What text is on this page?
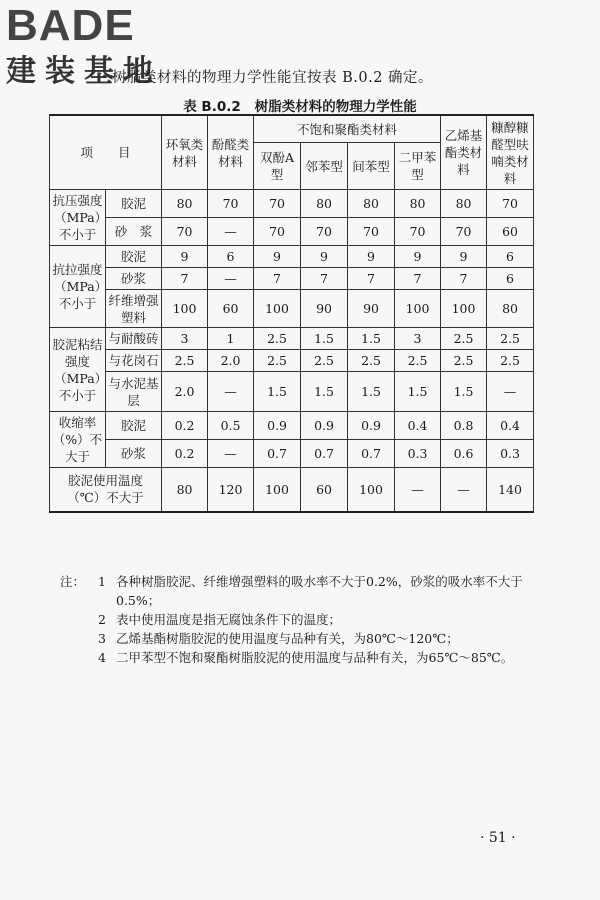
BADE
建装基地
树脂类材料的物理力学性能宜按表 B.0.2 确定。
表 B.0.2 树脂类材料的物理力学性能
项　　目		环氧类材料	酚醛类材料	不饱和聚酯类材料				乙烯基酯类材料	糠醇糠醛型呋喃类材料
				双酚A型	邻苯型	间苯型	二甲苯型		
抗压强度（MPa）不小于	胶泥	80	70	70	80	80	80	80	70
	砂　浆	70	—	70	70	70	70	70	60
抗拉强度（MPa）不小于	胶泥	9	6	9	9	9	9	9	6
	砂浆	7	—	7	7	7	7	7	6
	纤维增强塑料	100	60	100	90	90	100	100	80
胶泥粘结强度（MPa）不小于	与耐酸砖	3	1	2.5	1.5	1.5	3	2.5	2.5
	与花岗石	2.5	2.0	2.5	2.5	2.5	2.5	2.5	2.5
	与水泥基层	2.0	—	1.5	1.5	1.5	1.5	1.5	—
收缩率（%）不大于	胶泥	0.2	0.5	0.9	0.9	0.9	0.4	0.8	0.4
	砂浆	0.2	—	0.7	0.7	0.7	0.3	0.6	0.3
胶泥使用温度（℃）不大于		80	120	100	60	100	—	—	140
注：	1 各种树脂胶泥、纤维增强塑料的吸水率不大于0.2%，砂浆的吸水率不大于0.5%；
2 表中使用温度是指无腐蚀条件下的温度；
3 乙烯基酯树脂胶泥的使用温度与品种有关，为80℃～120℃；
4 二甲苯型不饱和聚酯树脂胶泥的使用温度与品种有关，为65℃～85℃。
· 51 ·
